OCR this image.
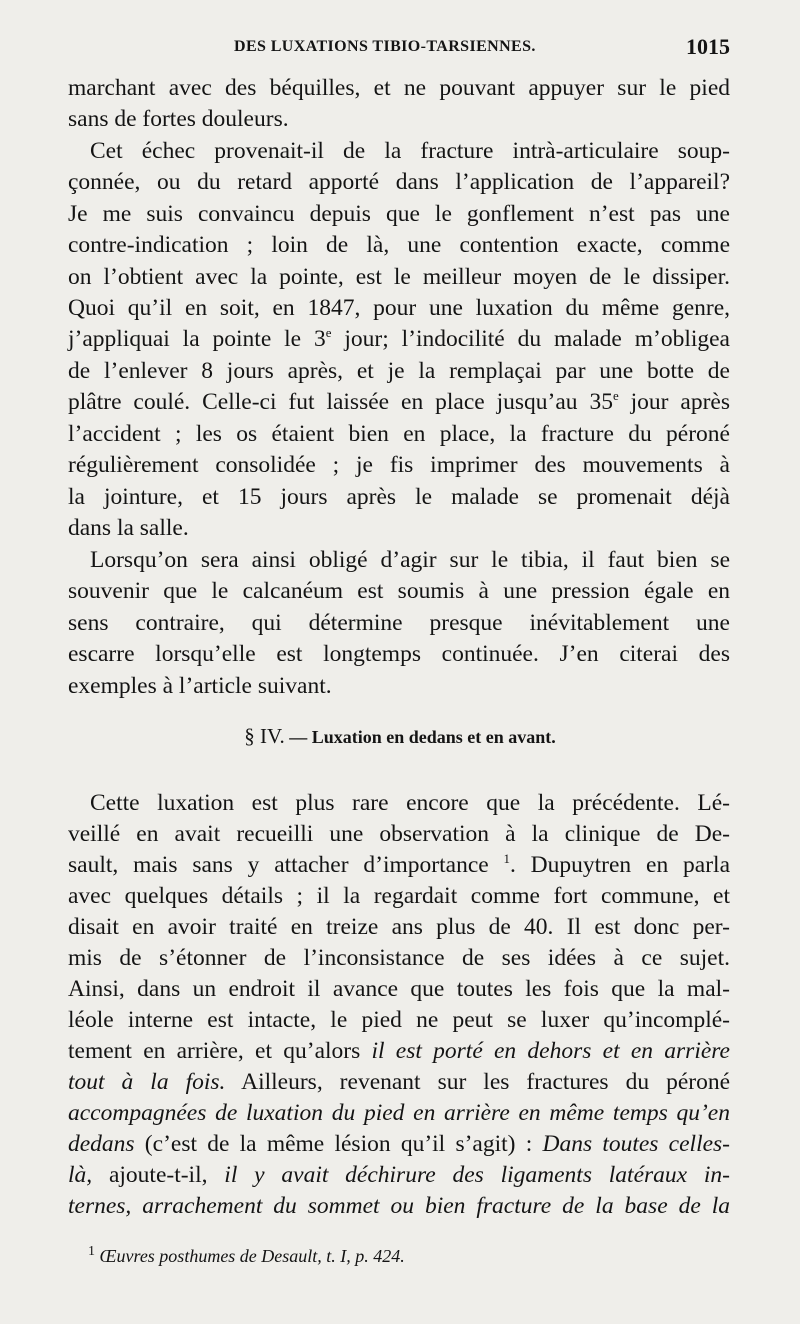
DES LUXATIONS TIBIO-TARSIENNES.	1015
marchant avec des béquilles, et ne pouvant appuyer sur le pied
sans de fortes douleurs.
Cet échec provenait-il de la fracture intrà-articulaire soup-
çonnée, ou du retard apporté dans l’application de l’appareil?
Je me suis convaincu depuis que le gonflement n’est pas une
contre-indication ; loin de là, une contention exacte, comme
on l’obtient avec la pointe, est le meilleur moyen de le dissiper.
Quoi qu’il en soit, en 1847, pour une luxation du même genre,
j’appliquai la pointe le 3e jour; l’indocilité du malade m’obligea
de l’enlever 8 jours après, et je la remplaçai par une botte de
plâtre coulé. Celle-ci fut laissée en place jusqu’au 35e jour après
l’accident ; les os étaient bien en place, la fracture du péroné
régulièrement consolidée ; je fis imprimer des mouvements à
la jointure, et 15 jours après le malade se promenait déjà
dans la salle.
Lorsqu’on sera ainsi obligé d’agir sur le tibia, il faut bien se
souvenir que le calcanéum est soumis à une pression égale en
sens contraire, qui détermine presque inévitablement une
escarre lorsqu’elle est longtemps continuée. J’en citerai des
exemples à l’article suivant.
§ IV. — Luxation en dedans et en avant.
Cette luxation est plus rare encore que la précédente. Lé-
veillé en avait recueilli une observation à la clinique de De-
sault, mais sans y attacher d’importance $^1$. Dupuytren en parla
avec quelques détails ; il la regardait comme fort commune, et
disait en avoir traité en treize ans plus de 40. Il est donc per-
mis de s’étonner de l’inconsistance de ses idées à ce sujet.
Ainsi, dans un endroit il avance que toutes les fois que la mal-
léole interne est intacte, le pied ne peut se luxer qu’incomplé-
tement en arrière, et qu’alors il est porté en dehors et en arrière
tout à la fois. Ailleurs, revenant sur les fractures du péroné
accompagnées de luxation du pied en arrière en même temps qu’en
dedans (c’est de la même lésion qu’il s’agit) : Dans toutes celles-
là, ajoute-t-il, il y avait déchirure des ligaments latéraux in-
ternes, arrachement du sommet ou bien fracture de la base de la
$^1$ Œuvres posthumes de Desault, t. I, p. 424.
